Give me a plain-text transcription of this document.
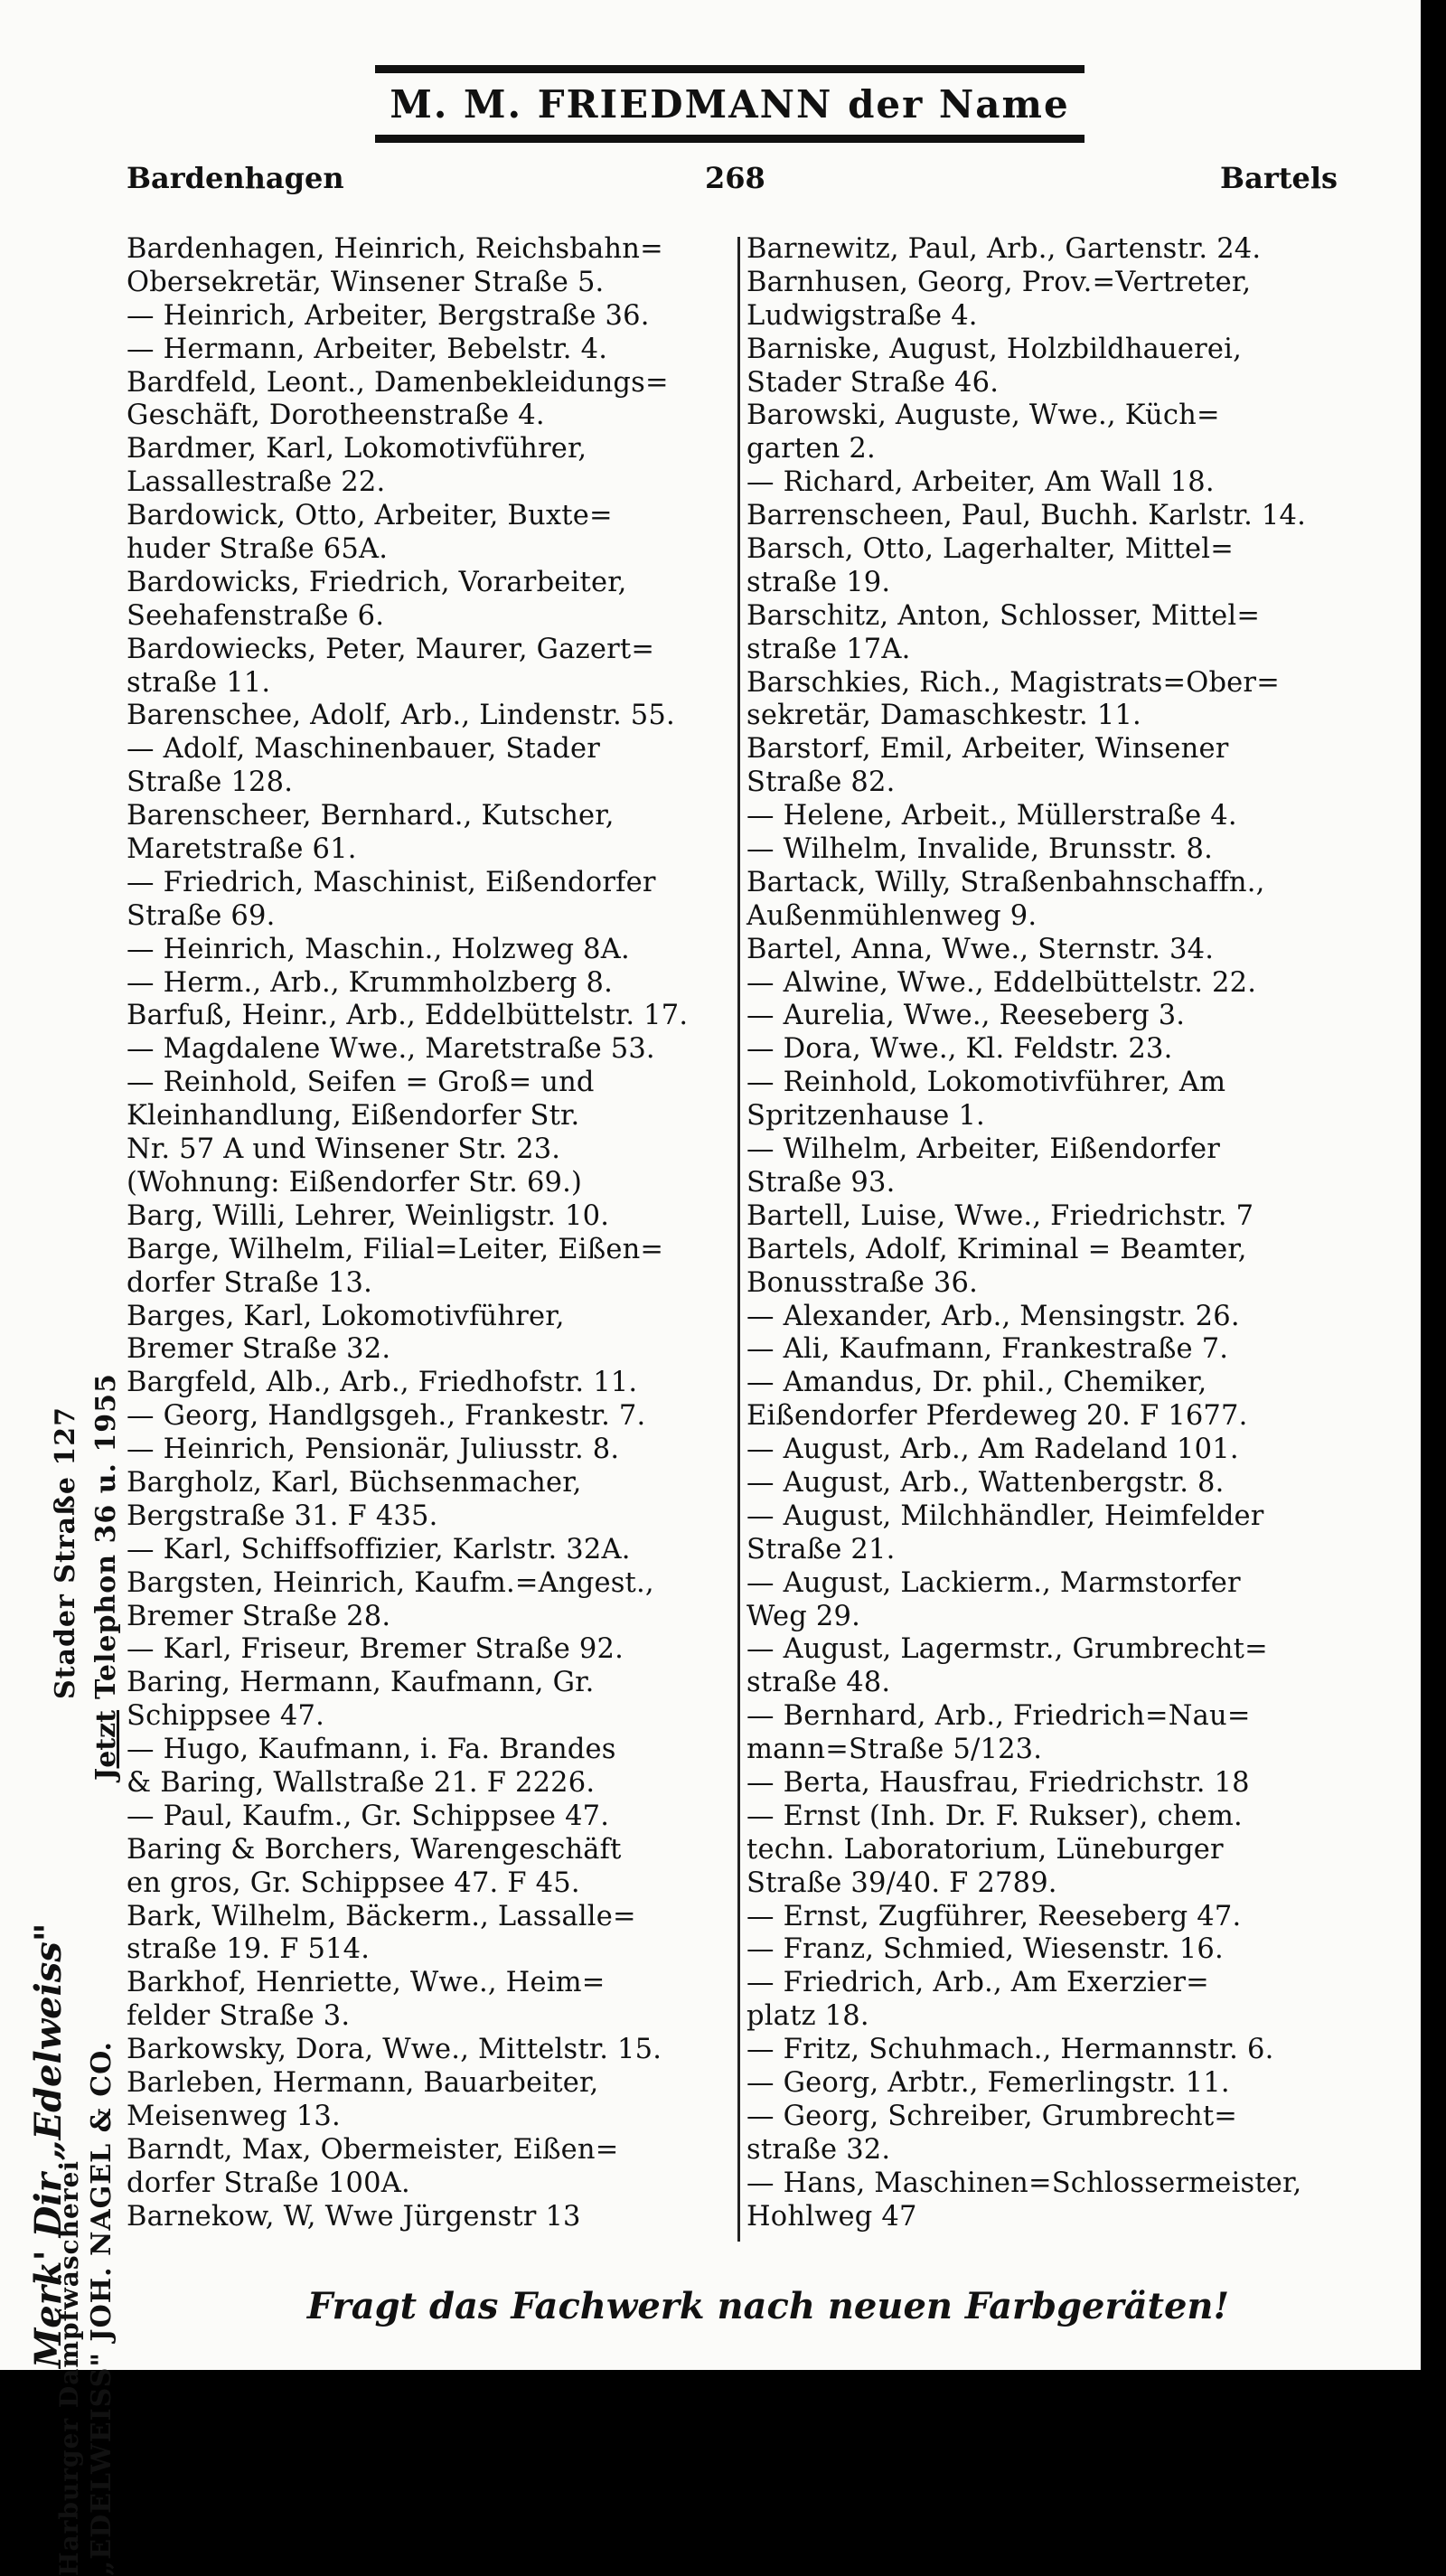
M. M. FRIEDMANN der Name
Bardenhagen	268	Bartels
Merk' Dir „Edelweiss"
Stader Straße 127
Harburger Dampfwäscherei „EDELWEISS" JOH. NAGEL & CO.
Telephon 36 u. 1955
Jetzt
Bardenhagen, Heinrich, Reichsbahn=
Obersekretär, Winsener Straße 5.
— Heinrich, Arbeiter, Bergstraße 36.
— Hermann, Arbeiter, Bebelstr. 4.
Bardfeld, Leont., Damenbekleidungs=
Geschäft, Dorotheenstraße 4.
Bardmer, Karl, Lokomotivführer,
Lassallestraße 22.
Bardowick, Otto, Arbeiter, Buxte=
huder Straße 65A.
Bardowicks, Friedrich, Vorarbeiter,
Seehafenstraße 6.
Bardowiecks, Peter, Maurer, Gazert=
straße 11.
Barenschee, Adolf, Arb., Lindenstr. 55.
— Adolf, Maschinenbauer, Stader
Straße 128.
Barenscheer, Bernhard., Kutscher,
Maretstraße 61.
— Friedrich, Maschinist, Eißendorfer
Straße 69.
— Heinrich, Maschin., Holzweg 8A.
— Herm., Arb., Krummholzberg 8.
Barfuß, Heinr., Arb., Eddelbüttelstr. 17.
— Magdalene Wwe., Maretstraße 53.
— Reinhold, Seifen = Groß= und
Kleinhandlung, Eißendorfer Str.
Nr. 57 A und Winsener Str. 23.
(Wohnung: Eißendorfer Str. 69.)
Barg, Willi, Lehrer, Weinligstr. 10.
Barge, Wilhelm, Filial=Leiter, Eißen=
dorfer Straße 13.
Barges, Karl, Lokomotivführer,
Bremer Straße 32.
Bargfeld, Alb., Arb., Friedhofstr. 11.
— Georg, Handlgsgeh., Frankestr. 7.
— Heinrich, Pensionär, Juliusstr. 8.
Bargholz, Karl, Büchsenmacher,
Bergstraße 31. F 435.
— Karl, Schiffsoffizier, Karlstr. 32A.
Bargsten, Heinrich, Kaufm.=Angest.,
Bremer Straße 28.
— Karl, Friseur, Bremer Straße 92.
Baring, Hermann, Kaufmann, Gr.
Schippsee 47.
— Hugo, Kaufmann, i. Fa. Brandes
& Baring, Wallstraße 21. F 2226.
— Paul, Kaufm., Gr. Schippsee 47.
Baring & Borchers, Warengeschäft
en gros, Gr. Schippsee 47. F 45.
Bark, Wilhelm, Bäckerm., Lassalle=
straße 19. F 514.
Barkhof, Henriette, Wwe., Heim=
felder Straße 3.
Barkowsky, Dora, Wwe., Mittelstr. 15.
Barleben, Hermann, Bauarbeiter,
Meisenweg 13.
Barndt, Max, Obermeister, Eißen=
dorfer Straße 100A.
Barnekow, W, Wwe Jürgenstr 13
Barnewitz, Paul, Arb., Gartenstr. 24.
Barnhusen, Georg, Prov.=Vertreter,
Ludwigstraße 4.
Barniske, August, Holzbildhauerei,
Stader Straße 46.
Barowski, Auguste, Wwe., Küch=
garten 2.
— Richard, Arbeiter, Am Wall 18.
Barrenscheen, Paul, Buchh. Karlstr. 14.
Barsch, Otto, Lagerhalter, Mittel=
straße 19.
Barschitz, Anton, Schlosser, Mittel=
straße 17A.
Barschkies, Rich., Magistrats=Ober=
sekretär, Damaschkestr. 11.
Barstorf, Emil, Arbeiter, Winsener
Straße 82.
— Helene, Arbeit., Müllerstraße 4.
— Wilhelm, Invalide, Brunsstr. 8.
Bartack, Willy, Straßenbahnschaffn.,
Außenmühlenweg 9.
Bartel, Anna, Wwe., Sternstr. 34.
— Alwine, Wwe., Eddelbüttelstr. 22.
— Aurelia, Wwe., Reeseberg 3.
— Dora, Wwe., Kl. Feldstr. 23.
— Reinhold, Lokomotivführer, Am
Spritzenhause 1.
— Wilhelm, Arbeiter, Eißendorfer
Straße 93.
Bartell, Luise, Wwe., Friedrichstr. 7
Bartels, Adolf, Kriminal = Beamter,
Bonusstraße 36.
— Alexander, Arb., Mensingstr. 26.
— Ali, Kaufmann, Frankestraße 7.
— Amandus, Dr. phil., Chemiker,
Eißendorfer Pferdeweg 20. F 1677.
— August, Arb., Am Radeland 101.
— August, Arb., Wattenbergstr. 8.
— August, Milchhändler, Heimfelder
Straße 21.
— August, Lackierm., Marmstorfer
Weg 29.
— August, Lagermstr., Grumbrecht=
straße 48.
— Bernhard, Arb., Friedrich=Nau=
mann=Straße 5/123.
— Berta, Hausfrau, Friedrichstr. 18
— Ernst (Inh. Dr. F. Rukser), chem.
techn. Laboratorium, Lüneburger
Straße 39/40. F 2789.
— Ernst, Zugführer, Reeseberg 47.
— Franz, Schmied, Wiesenstr. 16.
— Friedrich, Arb., Am Exerzier=
platz 18.
— Fritz, Schuhmach., Hermannstr. 6.
— Georg, Arbtr., Femerlingstr. 11.
— Georg, Schreiber, Grumbrecht=
straße 32.
— Hans, Maschinen=Schlossermeister,
Hohlweg 47
Fragt das Fachwerk nach neuen Farbgeräten!
